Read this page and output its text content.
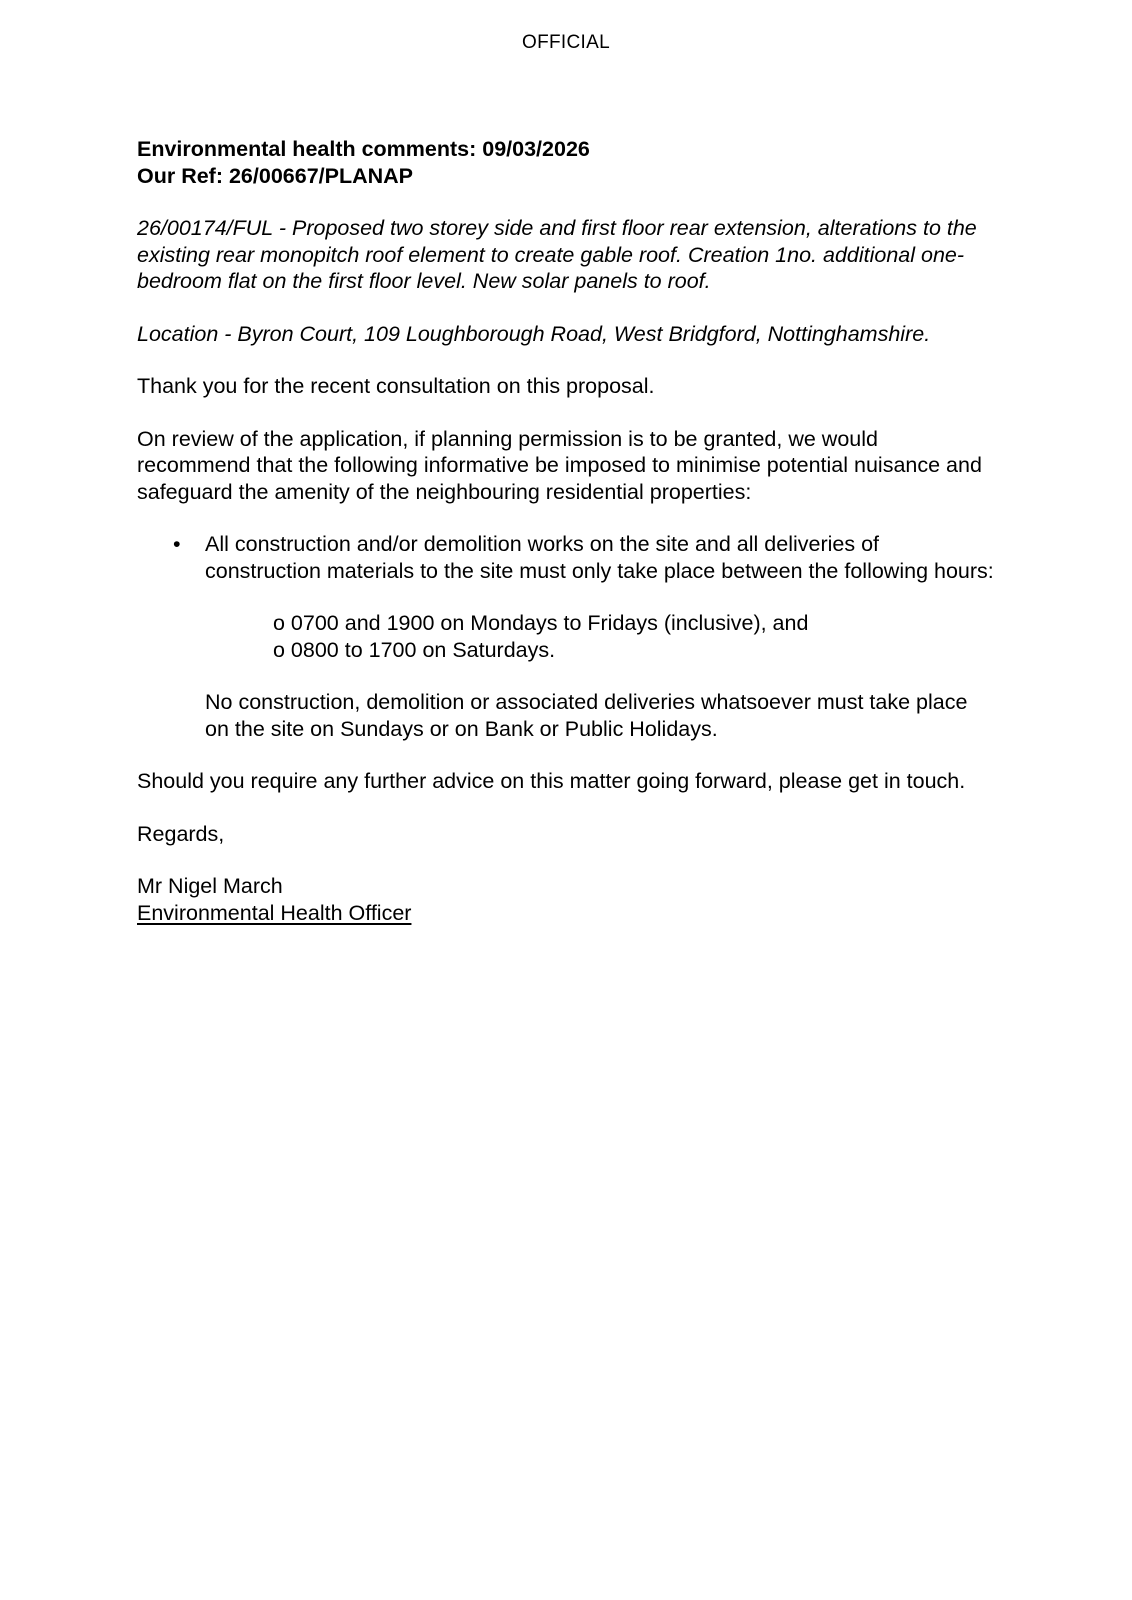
OFFICIAL
Environmental health comments: 09/03/2026
Our Ref: 26/00667/PLANAP

26/00174/FUL - Proposed two storey side and first floor rear extension, alterations to the existing rear monopitch roof element to create gable roof. Creation 1no. additional one-bedroom flat on the first floor level. New solar panels to roof.

Location - Byron Court, 109 Loughborough Road, West Bridgford, Nottinghamshire.

Thank you for the recent consultation on this proposal.

On review of the application, if planning permission is to be granted, we would recommend that the following informative be imposed to minimise potential nuisance and safeguard the amenity of the neighbouring residential properties:

•	All construction and/or demolition works on the site and all deliveries of construction materials to the site must only take place between the following hours:
o 0700 and 1900 on Mondays to Fridays (inclusive), and
o 0800 to 1700 on Saturdays.

No construction, demolition or associated deliveries whatsoever must take place on the site on Sundays or on Bank or Public Holidays.

Should you require any further advice on this matter going forward, please get in touch.

Regards,

Mr Nigel March
Environmental Health Officer
